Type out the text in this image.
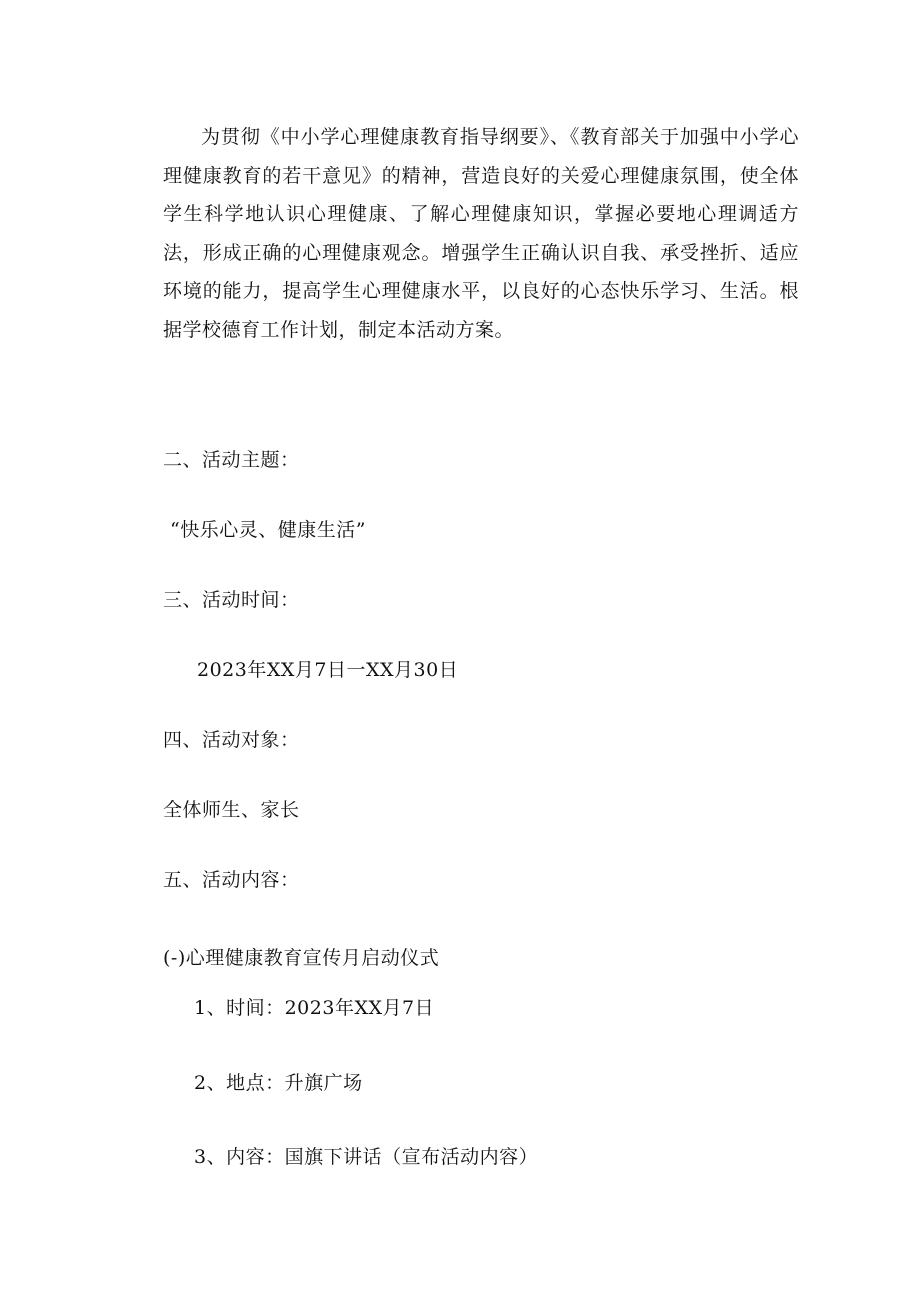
为贯彻《中小学心理健康教育指导纲要》、《教育部关于加强中小学心理健康教育的若干意见》的精神，营造良好的关爱心理健康氛围，使全体学生科学地认识心理健康、了解心理健康知识，掌握必要地心理调适方法，形成正确的心理健康观念。增强学生正确认识自我、承受挫折、适应环境的能力，提高学生心理健康水平，以良好的心态快乐学习、生活。根据学校德育工作计划，制定本活动方案。

二、活动主题：

“快乐心灵、健康生活”

三、活动时间：

2023年XX月7日一XX月30日

四、活动对象：

全体师生、家长

五、活动内容：

(-)心理健康教育宣传月启动仪式

1、时间：2023年XX月7日

2、地点：升旗广场

3、内容：国旗下讲话（宣布活动内容）
